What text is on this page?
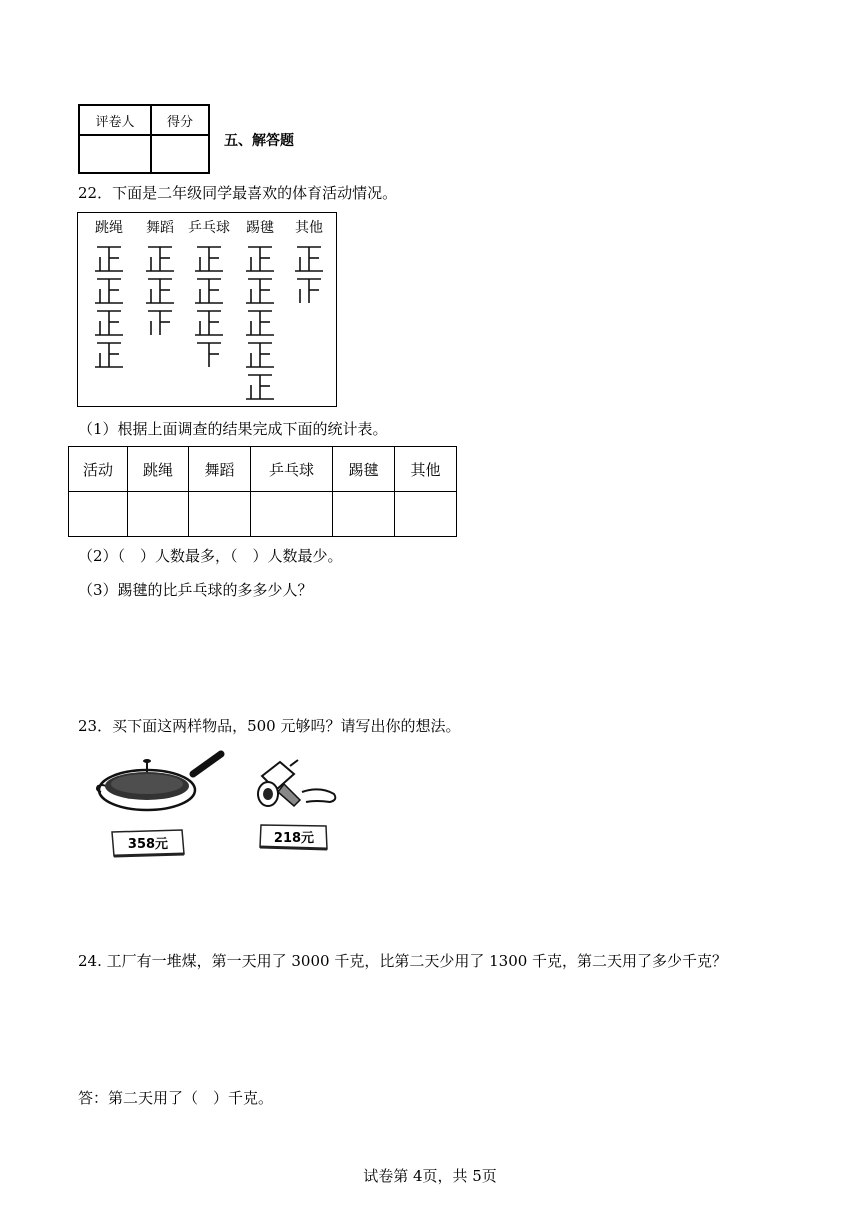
评卷人	得分

五、解答题
22．下面是二年级同学最喜欢的体育活动情况。
跳绳	舞蹈	乒乓球	踢毽	其他
（1）根据上面调查的结果完成下面的统计表。
活动	跳绳	舞蹈	乒乓球	踢毽	其他

（2）（　）人数最多，（　）人数最少。
（3）踢毽的比乒乓球的多多少人？
23．买下面这两样物品，500 元够吗？请写出你的想法。
358元	218元
24. 工厂有一堆煤，第一天用了 3000 千克，比第二天少用了 1300 千克，第二天用了多少千克？
答：第二天用了（　）千克。
试卷第 4页，共 5页
